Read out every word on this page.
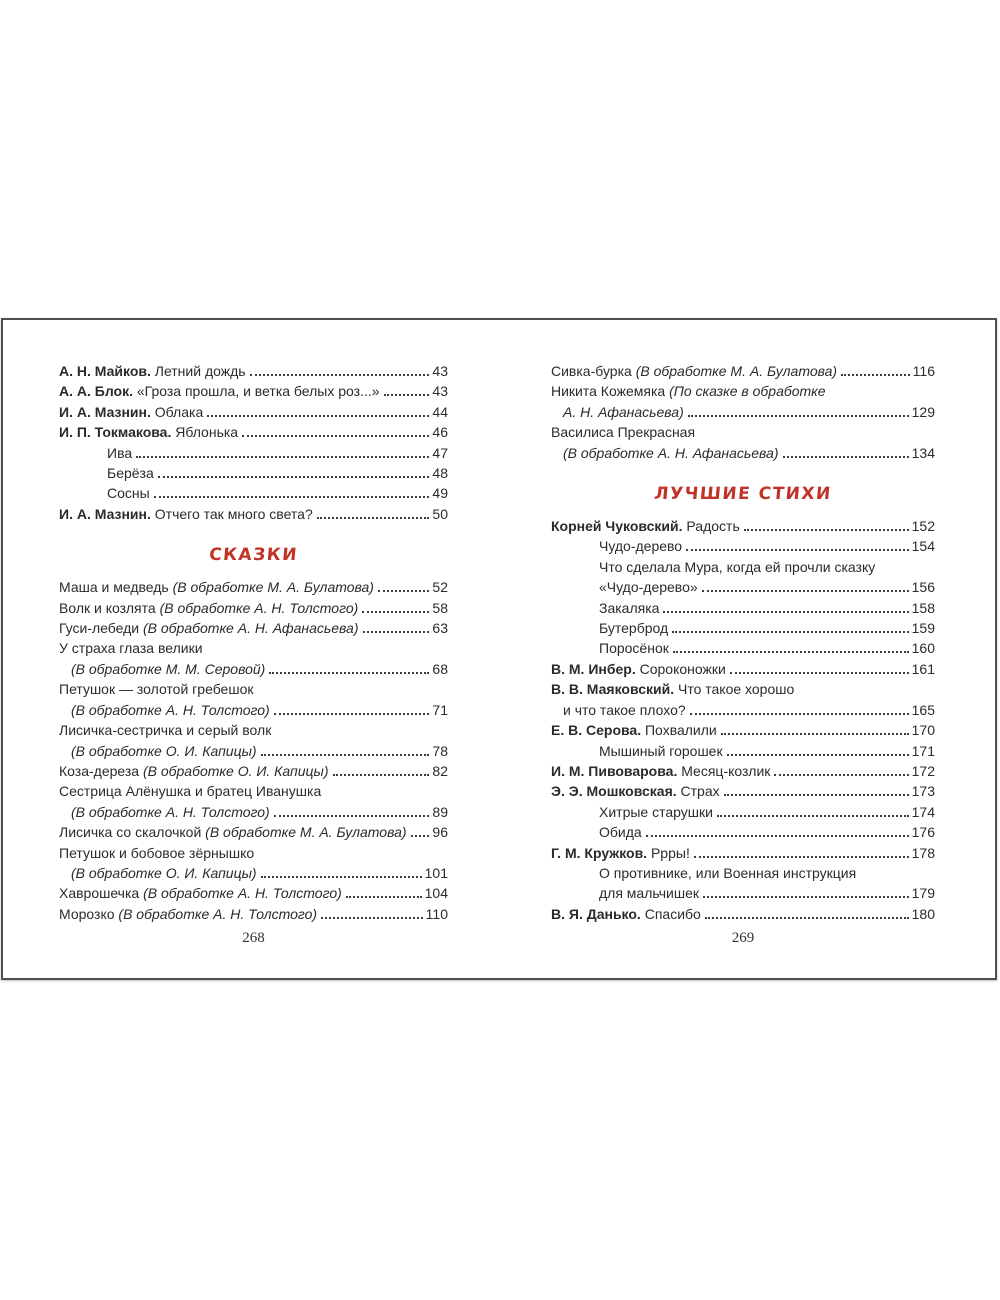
А. Н. Майков. Летний дождь	43
А. А. Блок. «Гроза прошла, и ветка белых роз...»	43
И. А. Мазнин. Облака	44
И. П. Токмакова. Яблонька	46
Ива	47
Берёза	48
Сосны	49
И. А. Мазнин. Отчего так много света?	50
СКАЗКИ
Маша и медведь (В обработке М. А. Булатова)	52
Волк и козлята (В обработке А. Н. Толстого)	58
Гуси-лебеди (В обработке А. Н. Афанасьева)	63
У страха глаза велики
(В обработке М. М. Серовой)	68
Петушок — золотой гребешок
(В обработке А. Н. Толстого)	71
Лисичка-сестричка и серый волк
(В обработке О. И. Капицы)	78
Коза-дереза (В обработке О. И. Капицы)	82
Сестрица Алёнушка и братец Иванушка
(В обработке А. Н. Толстого)	89
Лисичка со скалочкой (В обработке М. А. Булатова) 96
Петушок и бобовое зёрнышко
(В обработке О. И. Капицы)	101
Хаврошечка (В обработке А. Н. Толстого)	104
Морозко (В обработке А. Н. Толстого)	110
Сивка-бурка (В обработке М. А. Булатова)	116
Никита Кожемяка (По сказке в обработке
А. Н. Афанасьева)	129
Василиса Прекрасная
(В обработке А. Н. Афанасьева)	134
ЛУЧШИЕ СТИХИ
Корней Чуковский. Радость	152
Чудо-дерево	154
Что сделала Мура, когда ей прочли сказку
«Чудо-дерево»	156
Закаляка	158
Бутерброд	159
Поросёнок	160
В. М. Инбер. Сороконожки	161
В. В. Маяковский. Что такое хорошо
и что такое плохо?	165
Е. В. Серова. Похвалили	170
Мышиный горошек	171
И. М. Пивоварова. Месяц-козлик	172
Э. Э. Мошковская. Страх	173
Хитрые старушки	174
Обида	176
Г. М. Кружков. Ррры!	178
О противнике, или Военная инструкция
для мальчишек	179
В. Я. Данько. Спасибо	180
268	269
